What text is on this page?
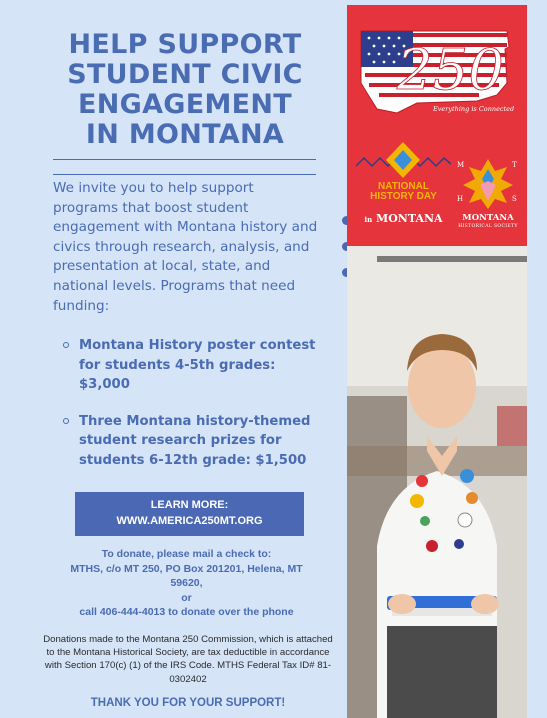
HELP SUPPORT
STUDENT CIVIC
ENGAGEMENT
IN MONTANA

We invite you to help support programs that boost student engagement with Montana history and civics through research, analysis, and presentation at local, state, and national levels. Programs that need funding:

Montana History poster contest for students 4-5th grades: $3,000
Three Montana history-themed student research prizes for students 6-12th grade: $1,500
LEARN MORE:
WWW.AMERICA250MT.ORG
To donate, please mail a check to:
MTHS, c/o MT 250, PO Box 201201, Helena, MT
59620,
or
call 406-444-4013 to donate over the phone

Donations made to the Montana 250 Commission, which is attached to the Montana Historical Society, are tax deductible in accordance with Section 170(c) (1) of the IRS Code. MTHS Federal Tax ID# 81-0302402

THANK YOU FOR YOUR SUPPORT!

250
Everything is Connected
NATIONAL
HISTORY DAY
in MONTANA
M	T
H	S
MONTANA
HISTORICAL SOCIETY
